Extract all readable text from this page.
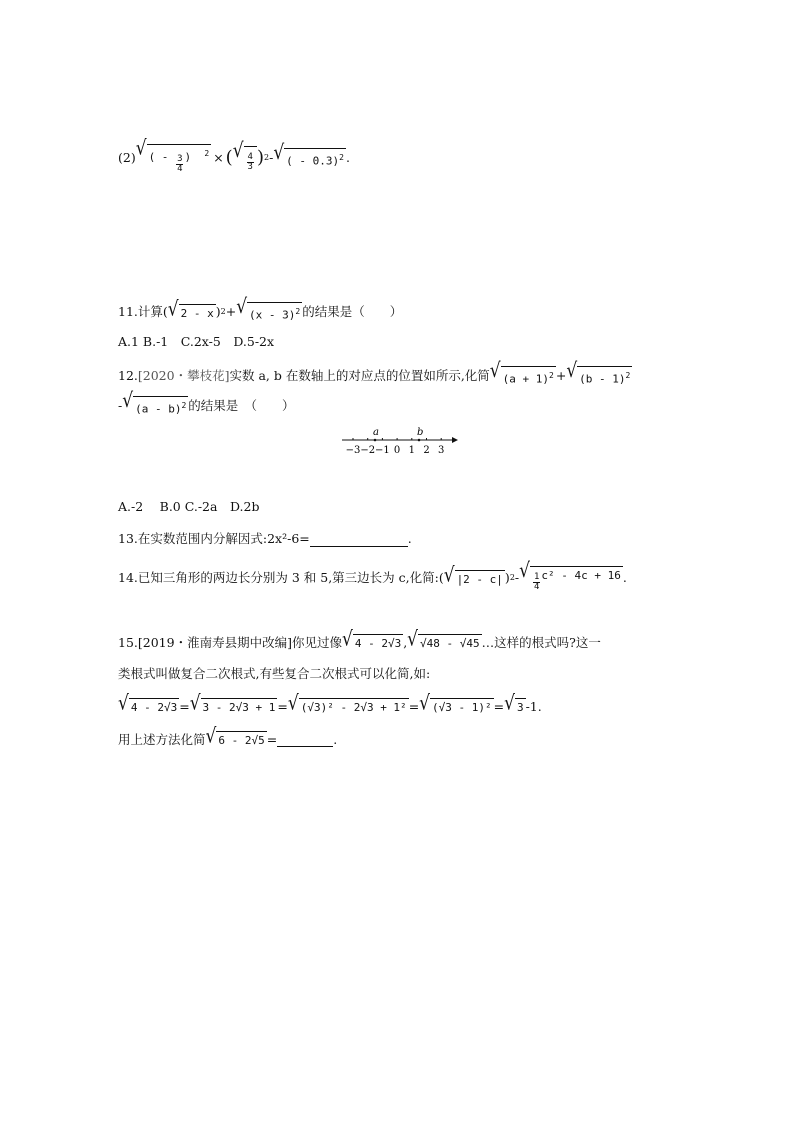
(2) √ ( - $\frac{3}{4}$ ) $^2$ × ( √ $\frac{4}{3}$ ) 2 - √ ( - 0.3)$^2$ .
11.计算( √ 2 - x ) 2 + √ (x - 3)$^2$ 的结果是（　　）
A.1 B.-1　C.2x-5　D.5-2x
12. [2020・攀枝花] 实数 a, b 在数轴上的对应点的位置如所示,化简 √ $(a + 1)^2$ + √ (b - 1)$^2$
- √ (a - b)$^2$ 的结果是　（　　）
−3 −2 −1 0 1 2 3
a	b
A.-2　 B.0 C.-2a　D.2b
13.在实数范围内分解因式:2x²-6=	.
14.已知三角形的两边长分别为 3 和 5,第三边长为 c,化简:( √ |2 - c| ) 2 - √ $\frac{1}{4} c^2 - 4c + 16$ .
15. [2019・淮南寿县期中改编] 你见过像 √ 4 - 2√3 , √ √48 - √45 …这样的根式吗?这一
类根式叫做复合二次根式,有些复合二次根式可以化简,如:
√ 4 - 2√3 = √ 3 - 2√3 + 1 = √ (√3)² - 2√3 + 1² = √ (√3 - 1)² = √ 3 -1.
用上述方法化简 √ 6 - 2√5 =	.
